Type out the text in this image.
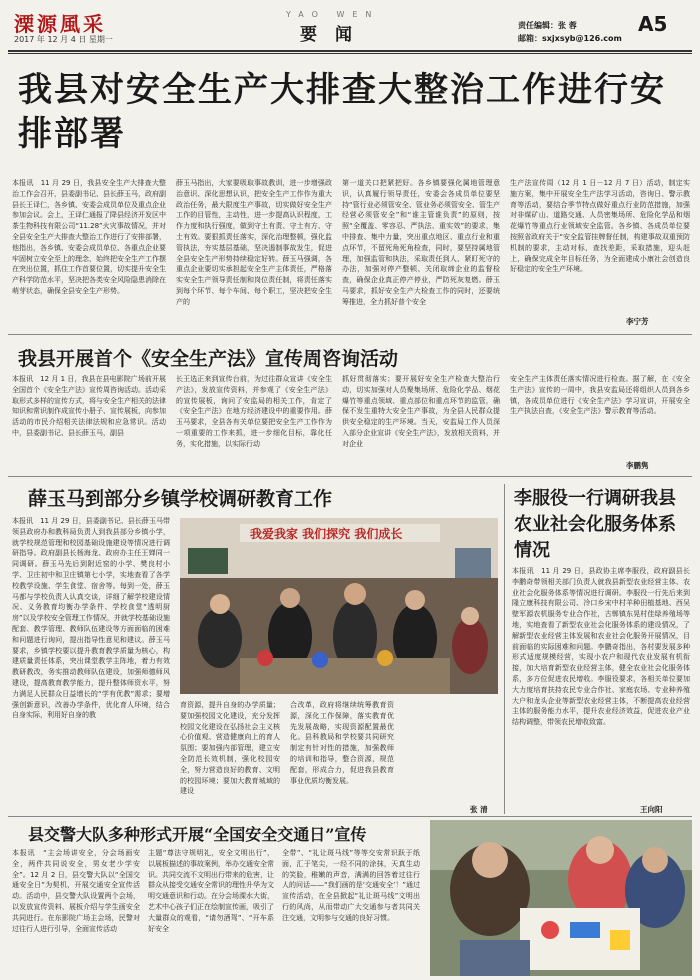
溧源風采
2017 年 12 月 4 日 星期一
YAO WEN
要闻	责任编辑：张 蓉
邮箱：sxjxsyb@126.com
A5
我县对安全生产大排查大整治工作进行安排部署
本报讯　11 月 29 日，我县安全生产大排查大整治工作会召开，县委副书记、县长薛玉马，政府副县长王译仁，各乡镇、安委会成员单位及重点企业参加会议。会上，王译仁通报了降县经济开发区中茶生物科技有限公司“11.28”火灾事故情况，并对全县安全生产大排查大整治工作进行了安排部署，他指出，各乡镇、安委会成员单位、各重点企业要牢固树立安全至上的理念，始终把安全生产工作摆在突出位置，抓住工作首要位置，切实提升安全生产科学防范水平，坚决把各类安全风险隐患消除在萌芽状态，确保全县安全生产形势。
薛玉马指出，大家要吸取事故教训，进一步增强政治意识、深化思想认识，把安全生产工作作为重大政治任务，最大限度生产事故，切实做好安全生产工作的目管性，主动性，进一步提高认识程度，工作力度和执行强度，做到守土有责、守土有方、守土有效。要狠抓责任落实，深化治理整顿，强化监管执法，夯实基层基础，坚决遏制事故发生，促进全县安全生产形势持续稳定好转。薛玉马强调，各重点企业要切实承担起安全生产主体责任，严格落实安全生产领导责任制和岗位责任制，将责任落实到每个环节、每个车间、每个职工，坚决把安全生产的
第一道关口把紧把好。各乡镇要强化属地管理意识，认真履行领导责任，安委会各成员单位要坚持“管行业必须管安全、管业务必须管安全、管生产经营必须管安全”和“谁主管谁负责”的原则，按照“全覆盖、零容忍、严执法、重实效”的要求，集中排查、集中力量，突出重点地区、重点行业和重点环节，不留死角死角检查，同时，要坚持属地管理，加强监管和执法，采取责任到人、紧盯死守的办法，加强对停产整顿、关闭取缔企业的监督检查，确保企业真正停产停业，严防死灰复燃。薛玉马要求，抓好安全生产大检查工作的同时，还要统筹推进，全力抓好普个安全
生产法宣传周（12 月 1 日－12 月 7 日）活动，制定实施方案，集中开展安全生产法学习活动，咨询日、警示教育等活动，要结合季节特点做好重点行业防范措施，加强对非煤矿山、道路交通、人员密集场所、危险化学品和烟花爆竹等重点行业领域安全监管。各乡镇、各成员单位要按照省政府关于“安全监管挂牌督任制，构建事故双重预防机制的要求，主动对标，查找差距，采取措施，迎头赶上，确保完成全年目标任务，为全面建成小康社会创造良好稳定的安全生产环境。
李宁芳
我县开展首个《安全生产法》宣传周咨询活动
本报讯　12 月 1 日，我县在县电影院广场前开展全国首个《安全生产法》宣传周咨询活动。活动采取形式多样的宣传方式，将与安全生产相关的法律知识和常识制作成宣传小册子、宣传展板，向参加活动的市民介绍相关法律法规和应急常识。活动中，县委副书记、县长薛玉马，副县
长王选正来到宣传台前，为过往群众宣讲《安全生产法》，发放宣传资料，并参观了《安全生产法》的宣传展板，询问了安监局的相关工作，肯定了《安全生产法》在地方经济建设中的重要作用。薛玉马要求，全县各有关单位要把安全生产工作作为一项重要的工作来抓，进一步细化目标，靠化任务，实化措施，以实际行动
抓好贯彻落实；要开展好安全生产检查大整治行动，切实加强对人员聚集场所、危险化学品、烟花爆竹等重点领域、重点部位和重点环节的监管，确保不发生重特大安全生产事故，为全县人民群众提供安全稳定的生产环境。当天，安监局工作人员深入部分企业宣讲《安全生产法》，发放相关资料，并对企业
安全生产主体责任落实情况进行检查。据了解，在《安全生产法》宣传的一周中，我县安监局还将组织人员到各乡镇，各成员单位进行《安全生产法》学习宣讲，开展安全生产执法自查，《安全生产法》警示教育等活动。
李鹏隽
薛玉马到部分乡镇学校调研教育工作
本报讯　11 月 29 日，县委副书记、县长薛玉马带领县政府办和教科局负责人到我县部分乡镇小学，就学校规范管理和校园基础设施建设等情况进行调研指导。政府副县长杨海龙、政府办主任王婵同一同调研。薛玉马先后到附近窑的小学、樊良村小学、卫庄初中和卫庄镇第七小学，实地查看了各学校教学设施、学生食堂、宿舍等。每到一处，薛玉马都与学校负责人认真交谈，详细了解学校建设情况、义务教育均衡办学条件、学校食堂“透明厨房”以及学校安全管理工作情况，并就学校基础设施配套、教学管理、教师队伍建设等方面面临的困难和问题进行询问，提出指导性意见和建议。薛玉马要求，乡镇学校要以提升教育教学质量为核心，构建质量责任体系，突出课堂教学主阵地，着力有效教研教改，务实推动教师队伍建设，加强师德师风建设，提高教育教学能力，提升整体师资水平，努力满足人民群众日益增长的“学有优教”需求；要增强创新意识，改善办学条件，优化育人环境，结合自身实际，利用好自身的教
我爱我家 我们探究 我们成长
育资源，提升自身的办学质量；要加强校园文化建设，充分发挥校园文化建设在弘扬社会主义核心价值观、营造健康向上的育人氛围；要加强内部管理，建立安全防范长效机制，强化校园安全，努力营造良好的教育、文明的校园环境；要加大教育城域的建设
合改革，政府将继续统筹教育资源，深化工作保障，落实教育优先发展战略，实现资源配置最优化。县科教局和学校要共同研究制定有针对性的措施，加强教师的培训和指导，整合资源，规范配套，形成合力，促进我县教育事业优质均衡发展。
张 清
李服役一行调研我县农业社会化服务体系情况
本报讯　11 月 29 日，县政协主席李服役，政府副县长李鹏奇带领相关部门负责人就我县新型农业经营主体、农业社会化服务体系等情况进行调研。李服役一行先后来到隆立康科技有限公司、冷口乡宋中村羊种田植基地、西吴壁军源农机服务专业合作社，古郸镇东晃村佳绿养殖场等地，实地查看了新型农业社会化服务体系的建设情况，了解新型农业经营主体发展和农业社会化服务开展情况，目前面临的实际困难和问题。李鹏奇指出，各村要发展多种形式适度规模经营，实现小农户和现代农业发展有机衔接，加大培育新型农业经营主体，健全农业社会化服务体系，多方位促进农民增收。李服役要求，各相关单位要加大力度培育扶持农民专业合作社、家庭农场、专业种养殖大户和龙头企业等新型农业经营主体，不断提高农业经营主体的服务能力水平，提升农业经济效益，促进农业产业结构调整，带领农民增收致富。
王向阳
县交警大队多种形式开展“全国安全交通日”宣传
本报讯　“主会场讲安全，分会场画安全，两件共同说安全，男女老少学安全”。12 月 2 日，县交警大队以“全国交通安全日”为契机，开展交通安全宣传活动。活动中，县交警大队设置两个会场，以发放宣传资料、展板介绍与学生画安全共同进行。在东影院广场主会场，民警对过往行人进行引导，全面宣传活动
主题“尊法守规明礼，安全文明出行”，以展板描述的事故案例，举办交通安全常识。共同交流不文明出行带来的危害，让群众从接受交通安全常识的理性升华为文明交通意识和行动。在分会场溧水大街，艺术中心孩子们正在绘制宣传画，吸引了大量群众的观看，“请勿酒驾”、“开车系好安全
全带”、“礼让斑马线”等等交安常识跃于纸面，汇于笔尖，一经不同的涂抹，天真生动的笑脸，稚嫩的声音，满满的回答着过往行人的问话——“我们画的是‘交通安全’！”通过宣传活动，在全县掀起“礼让斑马线”文明出行的风尚，从而带动广大交通参与者共同关注交通，文明参与交通的良好习惯。
